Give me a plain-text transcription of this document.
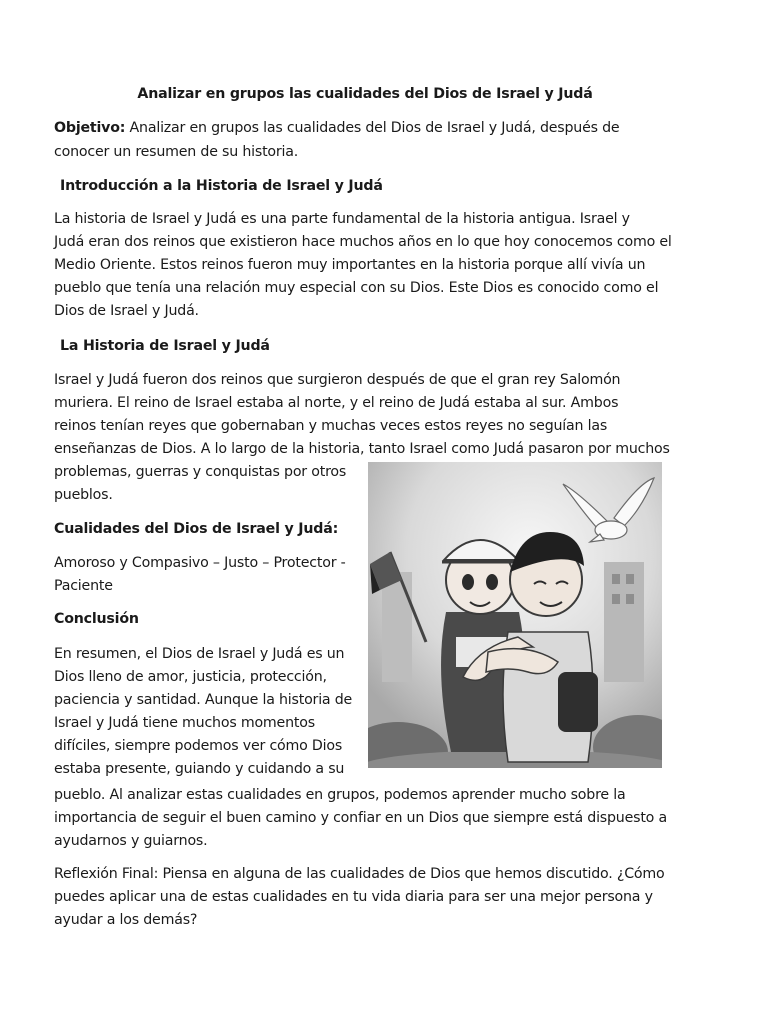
Analizar en grupos las cualidades del Dios de Israel y Judá
Objetivo: Analizar en grupos las cualidades del Dios de Israel y Judá, después de
conocer un resumen de su historia.
Introducción a la Historia de Israel y Judá
La historia de Israel y Judá es una parte fundamental de la historia antigua. Israel y
Judá eran dos reinos que existieron hace muchos años en lo que hoy conocemos como el
Medio Oriente. Estos reinos fueron muy importantes en la historia porque allí vivía un
pueblo que tenía una relación muy especial con su Dios. Este Dios es conocido como el
Dios de Israel y Judá.
La Historia de Israel y Judá
Israel y Judá fueron dos reinos que surgieron después de que el gran rey Salomón
muriera. El reino de Israel estaba al norte, y el reino de Judá estaba al sur. Ambos
reinos tenían reyes que gobernaban y muchas veces estos reyes no seguían las
enseñanzas de Dios. A lo largo de la historia, tanto Israel como Judá pasaron por muchos
problemas, guerras y conquistas por otros
pueblos.
Cualidades del Dios de Israel y Judá:
Amoroso y Compasivo – Justo – Protector -
Paciente
Conclusión
En resumen, el Dios de Israel y Judá es un
Dios lleno de amor, justicia, protección,
paciencia y santidad. Aunque la historia de
Israel y Judá tiene muchos momentos
difíciles, siempre podemos ver cómo Dios
estaba presente, guiando y cuidando a su
pueblo. Al analizar estas cualidades en grupos, podemos aprender mucho sobre la
importancia de seguir el buen camino y confiar en un Dios que siempre está dispuesto a
ayudarnos y guiarnos.
Reflexión Final: Piensa en alguna de las cualidades de Dios que hemos discutido. ¿Cómo
puedes aplicar una de estas cualidades en tu vida diaria para ser una mejor persona y
ayudar a los demás?
